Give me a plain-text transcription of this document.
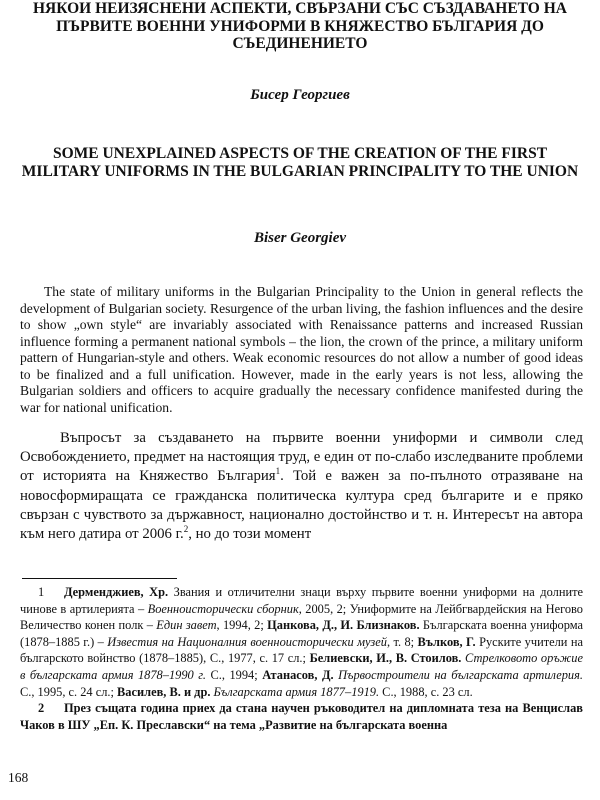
НЯКОИ НЕИЗЯСНЕНИ АСПЕКТИ, СВЪРЗАНИ СЪС СЪЗДАВАНЕТО НА ПЪРВИТЕ ВОЕННИ УНИФОРМИ В КНЯЖЕСТВО БЪЛГАРИЯ ДО СЪЕДИНЕНИЕТО
Бисер Георгиев
SOME UNEXPLAINED ASPECTS OF THE CREATION OF THE FIRST MILITARY UNIFORMS IN THE BULGARIAN PRINCIPALITY TO THE UNION
Biser Georgiev

The state of military uniforms in the Bulgarian Principality to the Union in general reflects the development of Bulgarian society. Resurgence of the urban living, the fashion influences and the desire to show „own style“ are invariably associated with Renaissance patterns and increased Russian influence forming a permanent national symbols – the lion, the crown of the prince, a military uniform pattern of Hungarian-style and others. Weak economic resources do not allow a number of good ideas to be finalized and a full unification. However, made in the early years is not less, allowing the Bulgarian soldiers and officers to acquire gradually the necessary confidence manifested during the war for national unification.

Въпросът за създаването на първите военни униформи и символи след Освобождението, предмет на настоящия труд, е един от по-слабо изследваните проблеми от историята на Княжество България$^1$. Той е важен за по-пълното отразяване на новосформиращата се гражданска политическа култура сред българите и е пряко свързан с чувството за държавност, национално достойнство и т. н. Интересът на автора към него датира от 2006 г.$^2$, но до този момент

1 Дерменджиев, Хр. Звания и отличителни знаци върху първите военни униформи на долните чинове в артилерията – Военноисторически сборник, 2005, 2; Униформите на Лейбгвардейския на Негово Величество конен полк – Един завет, 1994, 2; Цанкова, Д., И. Близнаков. Българската военна униформа (1878–1885 г.) – Известия на Националния военноисторически музей, т. 8; Вълков, Г. Руските учители на българското войнство (1878–1885), С., 1977, с. 17 сл.; Белиевски, И., В. Стоилов. Стрелковото оръжие в българската армия 1878–1990 г. С., 1994; Атанасов, Д. Първостроители на българската артилерия. С., 1995, с. 24 сл.; Василев, В. и др. Българската армия 1877–1919. С., 1988, с. 23 сл.

2 През същата година приех да стана научен ръководител на дипломната теза на Венцислав Чаков в ШУ „Еп. К. Преславски“ на тема „Развитие на българската военна

168
